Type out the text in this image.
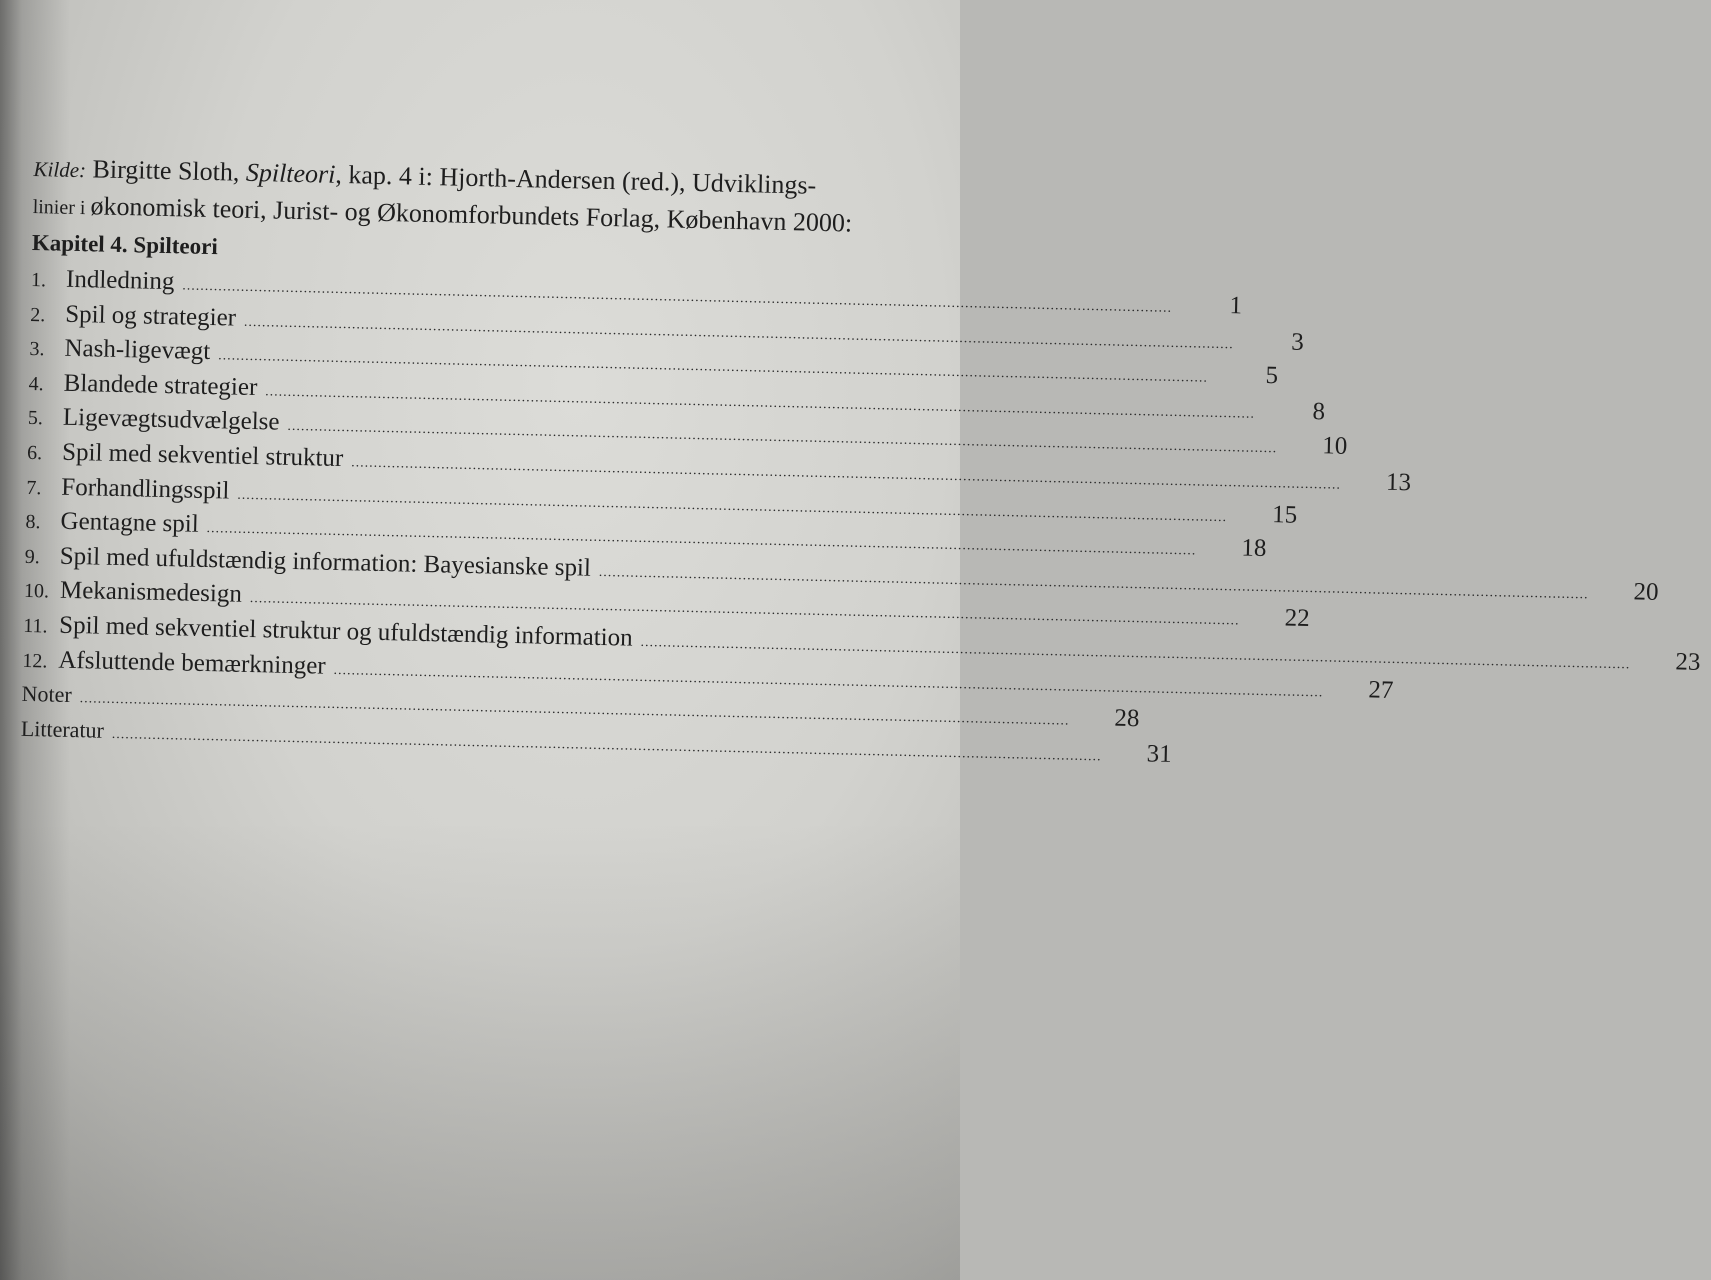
Kilde: Birgitte Sloth, Spilteori, kap. 4 i: Hjorth-Andersen (red.), Udviklings-
linier i økonomisk teori, Jurist- og Økonomforbundets Forlag, København 2000:

Kapitel 4. Spilteori
1. Indledning ............................................................................................................................................................................................................................	1
2. Spil og strategier ............................................................................................................................................................................................................................	3
3. Nash-ligevægt ............................................................................................................................................................................................................................	5
4. Blandede strategier ............................................................................................................................................................................................................................	8
5. Ligevægtsudvælgelse ............................................................................................................................................................................................................................	10
6. Spil med sekventiel struktur ............................................................................................................................................................................................................................	13
7. Forhandlingsspil ............................................................................................................................................................................................................................	15
8. Gentagne spil ............................................................................................................................................................................................................................	18
9. Spil med ufuldstændig information: Bayesianske spil
............................................................................................................................................................................................................................	20
10. Mekanismedesign ............................................................................................................................................................................................................................	22
11. Spil med sekventiel struktur og ufuldstændig information
............................................................................................................................................................................................................................	23
12. Afsluttende bemærkninger ............................................................................................................................................................................................................................	27
Noter ............................................................................................................................................................................................................................	28
Litteratur ............................................................................................................................................................................................................................	31
